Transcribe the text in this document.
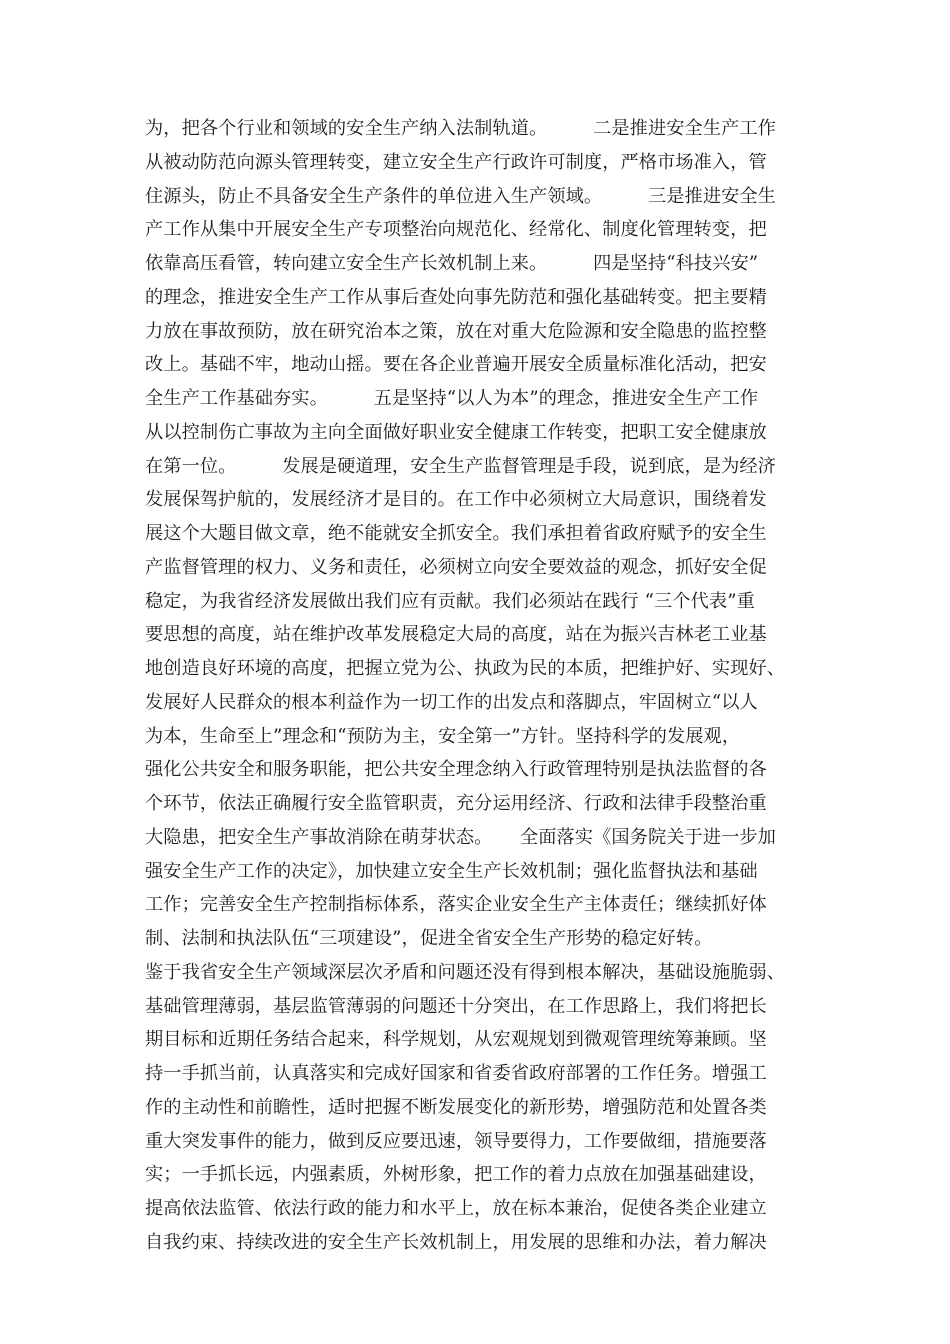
为，把各个行业和领域的安全生产纳入法制轨道。　　　二是推进安全生产工作
从被动防范向源头管理转变，建立安全生产行政许可制度，严格市场准入，管
住源头，防止不具备安全生产条件的单位进入生产领域。　　　三是推进安全生
产工作从集中开展安全生产专项整治向规范化、经常化、制度化管理转变，把
依靠高压看管，转向建立安全生产长效机制上来。　　　四是坚持“科技兴安”
的理念，推进安全生产工作从事后查处向事先防范和强化基础转变。把主要精
力放在事故预防，放在研究治本之策，放在对重大危险源和安全隐患的监控整
改上。基础不牢，地动山摇。要在各企业普遍开展安全质量标准化活动，把安
全生产工作基础夯实。　　　五是坚持“以人为本”的理念，推进安全生产工作
从以控制伤亡事故为主向全面做好职业安全健康工作转变，把职工安全健康放
在第一位。　　　发展是硬道理，安全生产监督管理是手段，说到底，是为经济
发展保驾护航的，发展经济才是目的。在工作中必须树立大局意识，围绕着发
展这个大题目做文章，绝不能就安全抓安全。我们承担着省政府赋予的安全生
产监督管理的权力、义务和责任，必须树立向安全要效益的观念，抓好安全促
稳定，为我省经济发展做出我们应有贡献。我们必须站在践行 “三个代表”重
要思想的高度，站在维护改革发展稳定大局的高度，站在为振兴吉林老工业基
地创造良好环境的高度，把握立党为公、执政为民的本质，把维护好、实现好、
发展好人民群众的根本利益作为一切工作的出发点和落脚点，牢固树立“以人
为本，生命至上”理念和“预防为主，安全第一”方针。坚持科学的发展观，
强化公共安全和服务职能，把公共安全理念纳入行政管理特别是执法监督的各
个环节，依法正确履行安全监管职责，充分运用经济、行政和法律手段整治重
大隐患，把安全生产事故消除在萌芽状态。　　全面落实《国务院关于进一步加
强安全生产工作的决定》，加快建立安全生产长效机制；强化监督执法和基础
工作；完善安全生产控制指标体系，落实企业安全生产主体责任；继续抓好体
制、法制和执法队伍“三项建设”，促进全省安全生产形势的稳定好转。
鉴于我省安全生产领域深层次矛盾和问题还没有得到根本解决，基础设施脆弱、
基础管理薄弱，基层监管薄弱的问题还十分突出，在工作思路上，我们将把长
期目标和近期任务结合起来，科学规划，从宏观规划到微观管理统筹兼顾。坚
持一手抓当前，认真落实和完成好国家和省委省政府部署的工作任务。增强工
作的主动性和前瞻性，适时把握不断发展变化的新形势，增强防范和处置各类
重大突发事件的能力，做到反应要迅速，领导要得力，工作要做细，措施要落
实；一手抓长远，内强素质，外树形象，把工作的着力点放在加强基础建设，
提高依法监管、依法行政的能力和水平上，放在标本兼治，促使各类企业建立
自我约束、持续改进的安全生产长效机制上，用发展的思维和办法，着力解决
